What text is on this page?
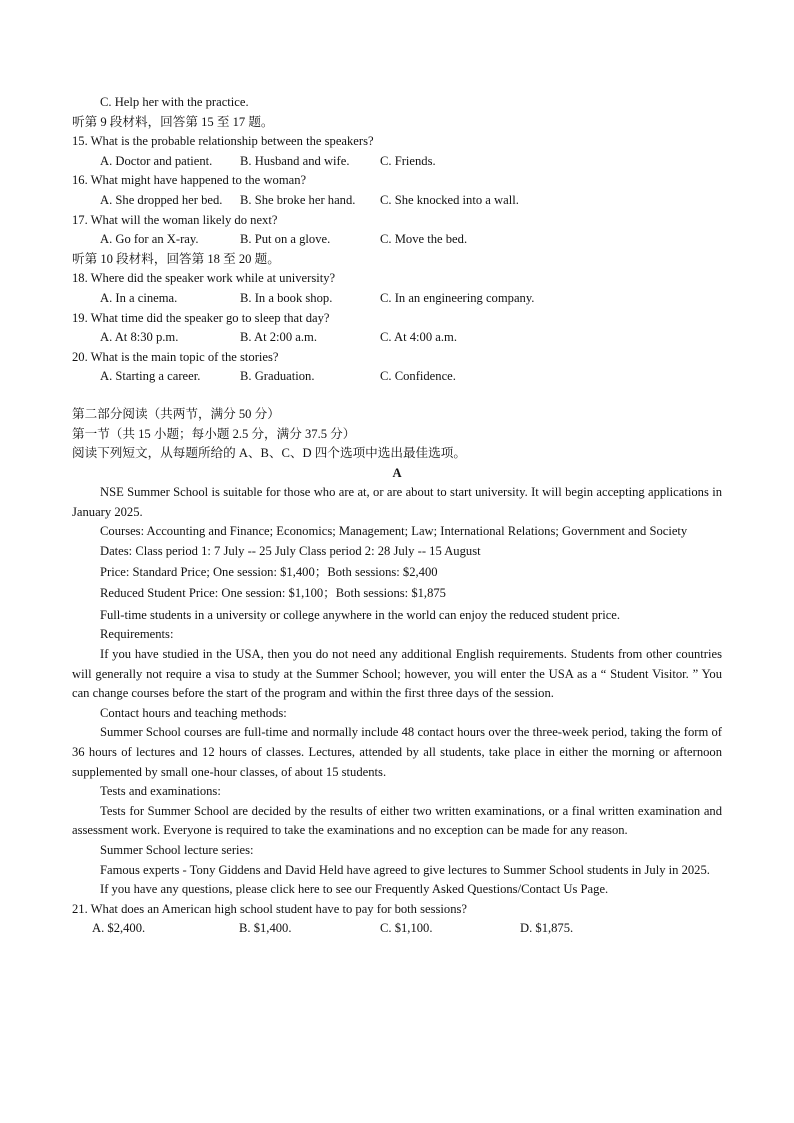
C. Help her with the practice.
听第 9 段材料，回答第 15 至 17 题。
15. What is the probable relationship between the speakers?
A. Doctor and patient. B. Husband and wife. C. Friends.
16. What might have happened to the woman?
A. She dropped her bed. B. She broke her hand. C. She knocked into a wall.
17. What will the woman likely do next?
A. Go for an X-ray.	B. Put on a glove.	C. Move the bed.
听第 10 段材料，回答第 18 至 20 题。
18. Where did the speaker work while at university?
A. In a cinema.	B. In a book shop.	C. In an engineering company.
19. What time did the speaker go to sleep that day?
A. At 8:30 p.m.	B. At 2:00 a.m.	C. At 4:00 a.m.
20. What is the main topic of the stories?
A. Starting a career.	B. Graduation.	C. Confidence.
第二部分阅读（共两节，满分 50 分）
第一节（共 15 小题；每小题 2.5 分，满分 37.5 分）
阅读下列短文，从每题所给的 A、B、C、D 四个选项中选出最佳选项。
A

NSE Summer School is suitable for those who are at, or are about to start university. It will begin accepting applications in January 2025.

Courses: Accounting and Finance; Economics; Management; Law; International Relations; Government and Society

Dates: Class period 1: 7 July -- 25 July Class period 2: 28 July -- 15 August

Price: Standard Price; One session: $1,400；Both sessions: $2,400

Reduced Student Price: One session: $1,100；Both sessions: $1,875

Full-time students in a university or college anywhere in the world can enjoy the reduced student price.

Requirements:

If you have studied in the USA, then you do not need any additional English requirements. Students from other countries will generally not require a visa to study at the Summer School; however, you will enter the USA as a “ Student Visitor. ” You can change courses before the start of the program and within the first three days of the session.

Contact hours and teaching methods:

Summer School courses are full-time and normally include 48 contact hours over the three-week period, taking the form of 36 hours of lectures and 12 hours of classes. Lectures, attended by all students, take place in either the morning or afternoon supplemented by small one-hour classes, of about 15 students.

Tests and examinations:

Tests for Summer School are decided by the results of either two written examinations, or a final written examination and assessment work. Everyone is required to take the examinations and no exception can be made for any reason.

Summer School lecture series:

Famous experts - Tony Giddens and David Held have agreed to give lectures to Summer School students in July in 2025.

If you have any questions, please click here to see our Frequently Asked Questions/Contact Us Page.

21. What does an American high school student have to pay for both sessions?
A. $2,400.	B. $1,400.	C. $1,100.	D. $1,875.
